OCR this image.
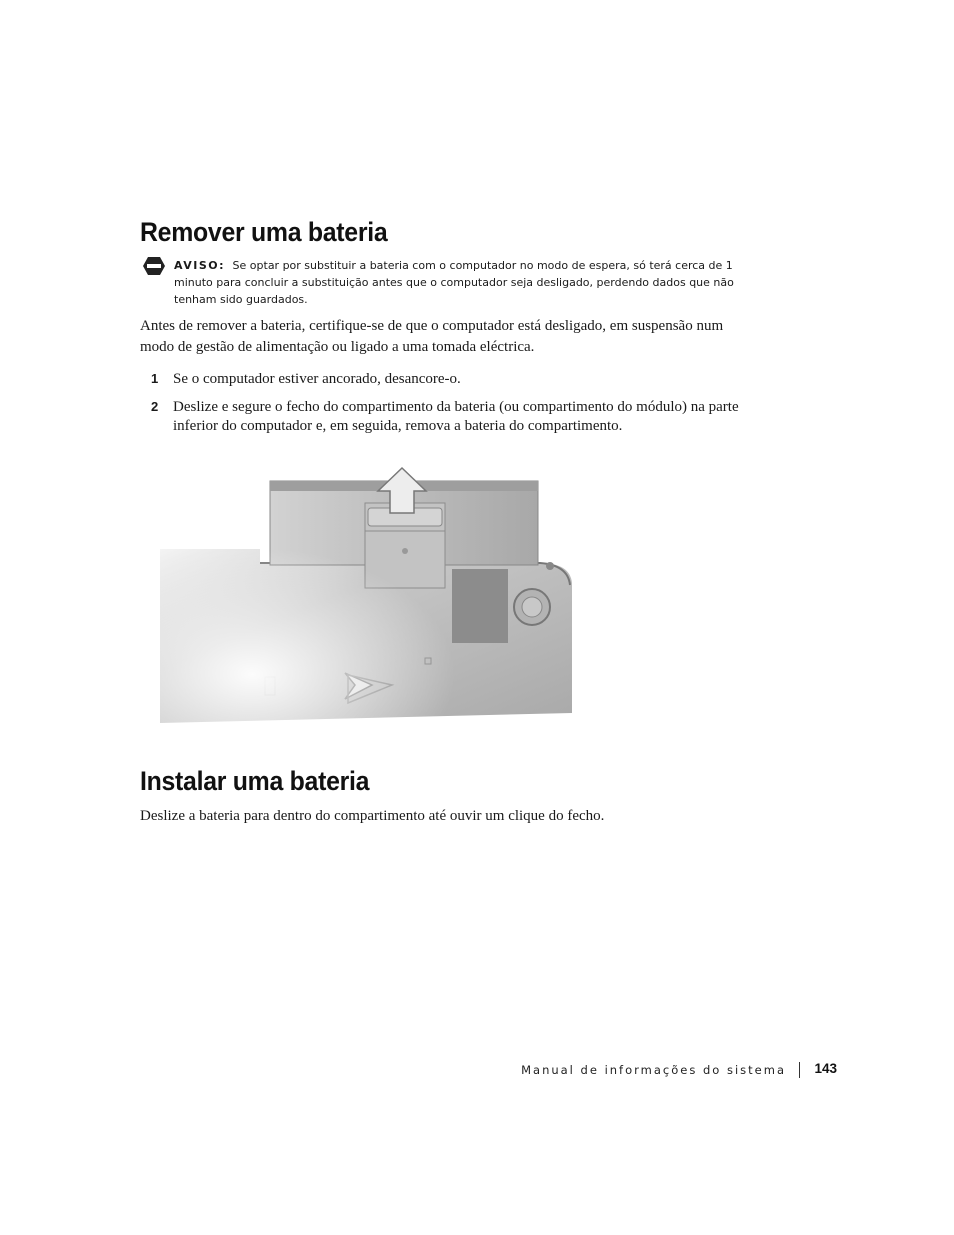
Remover uma bateria
AVISO: Se optar por substituir a bateria com o computador no modo de espera, só terá cerca de 1 minuto para concluir a substituição antes que o computador seja desligado, perdendo dados que não tenham sido guardados.

Antes de remover a bateria, certifique-se de que o computador está desligado, em suspensão num modo de gestão de alimentação ou ligado a uma tomada eléctrica.

1 Se o computador estiver ancorado, desancore-o.

2 Deslize e segure o fecho do compartimento da bateria (ou compartimento do módulo) na parte inferior do computador e, em seguida, remova a bateria do compartimento.

Instalar uma bateria

Deslize a bateria para dentro do compartimento até ouvir um clique do fecho.

Manual de informações do sistema 143
